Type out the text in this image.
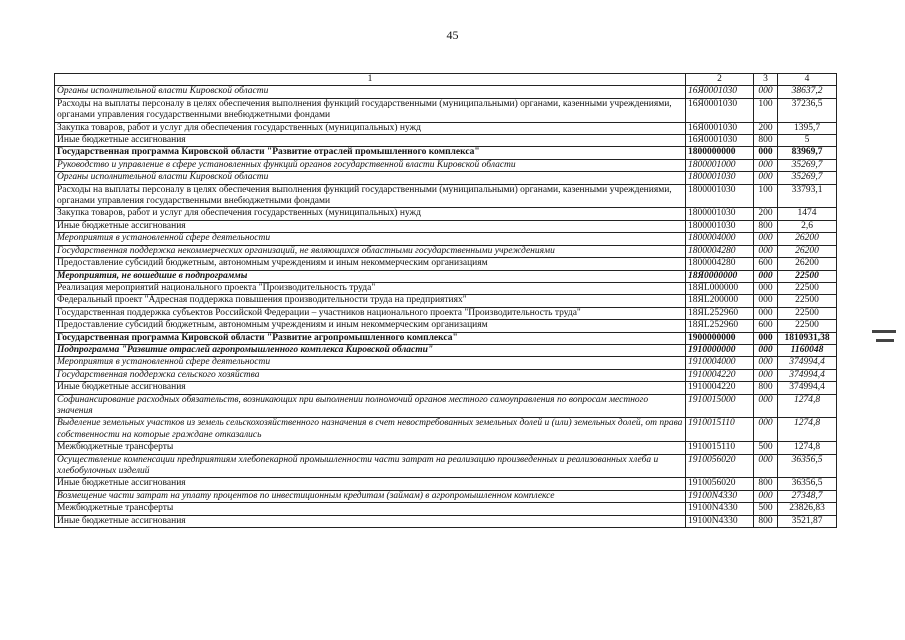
45
1	2	3	4
Органы исполнительной власти Кировской области	16Я0001030	000	38637,2
Расходы на выплаты персоналу в целях обеспечения выполнения функций государственными (муниципальными) органами, казенными учреждениями, органами управления государственными внебюджетными фондами	16Я0001030	100	37236,5
Закупка товаров, работ и услуг для обеспечения государственных (муниципальных) нужд	16Я0001030	200	1395,7
Иные бюджетные ассигнования	16Я0001030	800	5
Государственная программа Кировской области "Развитие отраслей промышленного комплекса"	1800000000	000	83969,7
Руководство и управление в сфере установленных функций органов государственной власти Кировской области	1800001000	000	35269,7
Органы исполнительной власти Кировской области	1800001030	000	35269,7
Расходы на выплаты персоналу в целях обеспечения выполнения функций государственными (муниципальными) органами, казенными учреждениями, органами управления государственными внебюджетными фондами	1800001030	100	33793,1
Закупка товаров, работ и услуг для обеспечения государственных (муниципальных) нужд	1800001030	200	1474
Иные бюджетные ассигнования	1800001030	800	2,6
Мероприятия в установленной сфере деятельности	1800004000	000	26200
Государственная поддержка некоммерческих организаций, не являющихся областными государственными учреждениями	1800004280	000	26200
Предоставление субсидий бюджетным, автономным учреждениям и иным некоммерческим организациям	1800004280	600	26200
Мероприятия, не вошедшие в подпрограммы	18Я0000000	000	22500
Реализация мероприятий национального проекта "Производительность труда"	18ЯL000000	000	22500
Федеральный проект "Адресная поддержка повышения производительности труда на предприятиях"	18ЯL200000	000	22500
Государственная поддержка субъектов Российской Федерации – участников национального проекта "Производительность труда"	18ЯL252960	000	22500
Предоставление субсидий бюджетным, автономным учреждениям и иным некоммерческим организациям	18ЯL252960	600	22500
Государственная программа Кировской области "Развитие агропромышленного комплекса"	1900000000	000	1810931,38
Подпрограмма "Развитие отраслей агропромышленного комплекса Кировской области"	1910000000	000	1160048
Мероприятия в установленной сфере деятельности	1910004000	000	374994,4
Государственная поддержка сельского хозяйства	1910004220	000	374994,4
Иные бюджетные ассигнования	1910004220	800	374994,4
Софинансирование расходных обязательств, возникающих при выполнении полномочий органов местного самоуправления по вопросам местного значения	1910015000	000	1274,8
Выделение земельных участков из земель сельскохозяйственного назначения в счет невостребованных земельных долей и (или) земельных долей, от права собственности на которые граждане отказались	1910015110	000	1274,8
Межбюджетные трансферты	1910015110	500	1274,8
Осуществление компенсации предприятиям хлебопекарной промышленности части затрат на реализацию произведенных и реализованных хлеба и хлебобулочных изделий	1910056020	000	36356,5
Иные бюджетные ассигнования	1910056020	800	36356,5
Возмещение части затрат на уплату процентов по инвестиционным кредитам (займам) в агропромышленном комплексе	19100N4330	000	27348,7
Межбюджетные трансферты	19100N4330	500	23826,83
Иные бюджетные ассигнования	19100N4330	800	3521,87
